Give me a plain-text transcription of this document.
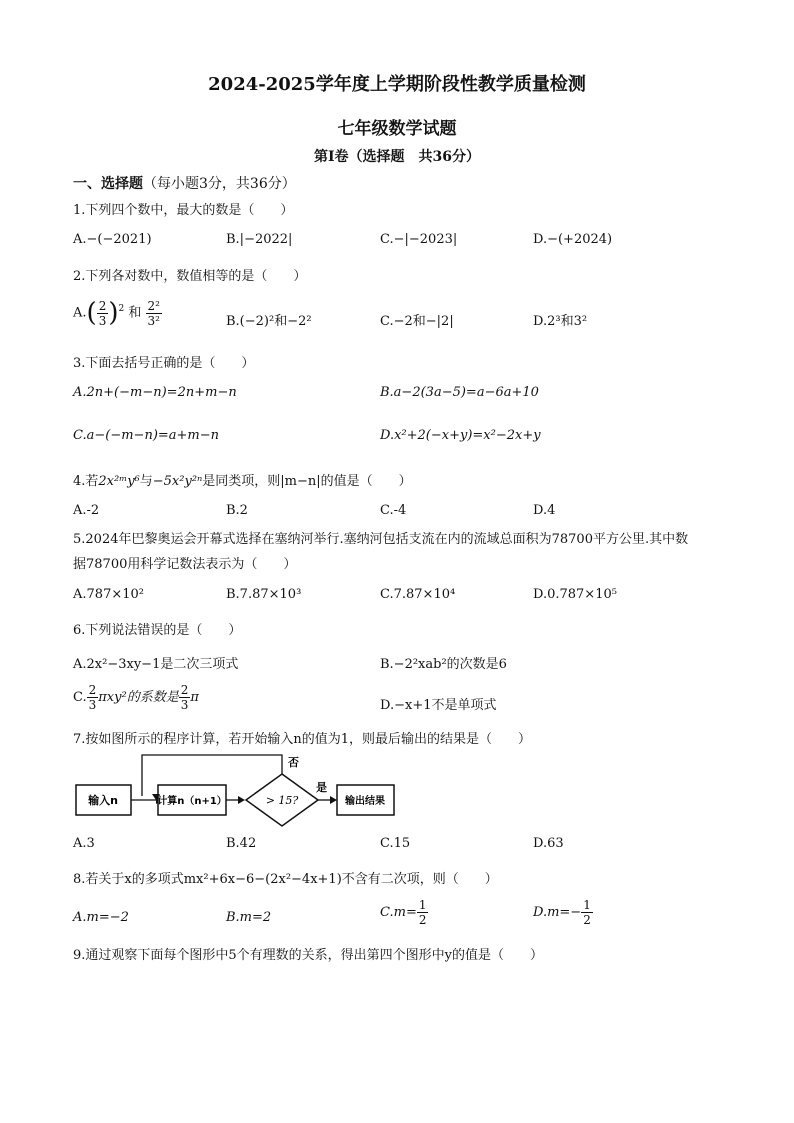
2024-2025学年度上学期阶段性教学质量检测
七年级数学试题
第Ⅰ卷（选择题　共36分）
一、选择题（每小题3分，共36分）
1.下列四个数中，最大的数是（　　）
A.−(−2021)	B.|−2022|	C.−|−2023|	D.−(+2024)
2.下列各对数中，数值相等的是（　　）
$A.( \frac{2}{3} )^2$ 和 $\frac{\text{2²}}{\text{3²}}$	B.(−2)²和−2²	C.−2和−|2|	D.2³和3²
3.下面去括号正确的是（　　）
A.2n+(−m−n)=2n+m−n	B.a−2(3a−5)=a−6a+10
C.a−(−m−n)=a+m−n	D.x²+2(−x+y)=x²−2x+y
4.若2x²ᵐy⁶与−5x²y²ⁿ是同类项，则|m−n|的值是（　　）
A.-2	B.2	C.-4	D.4
5.2024年巴黎奥运会开幕式选择在塞纳河举行.塞纳河包括支流在内的流域总面积为78700平方公里.其中数
据78700用科学记数法表示为（　　）
A.787×10²	B.7.87×10³	C.7.87×10⁴	D.0.787×10⁵
6.下列说法错误的是（　　）
A.2x²−3xy−1是二次三项式	B.−2²xab²的次数是6
C. $\frac{2}{3} \pi xy^2$的系数是 $\frac{2}{3}$ π
D.−x+1不是单项式
7.按如图所示的程序计算，若开始输入n的值为1，则最后输出的结果是（　　）
输入n	计算n（n+1）	> 15?
否
是
输出结果
A.3	B.42	C.15	D.63
8.若关于x的多项式mx²+6x−6−(2x²−4x+1)不含有二次项，则（　　）
A.m=−2	B.m=2	$C.m= \frac{1}{2}$	$D.m=- \frac{1}{2}$
9.通过观察下面每个图形中5个有理数的关系，得出第四个图形中y的值是（　　）
